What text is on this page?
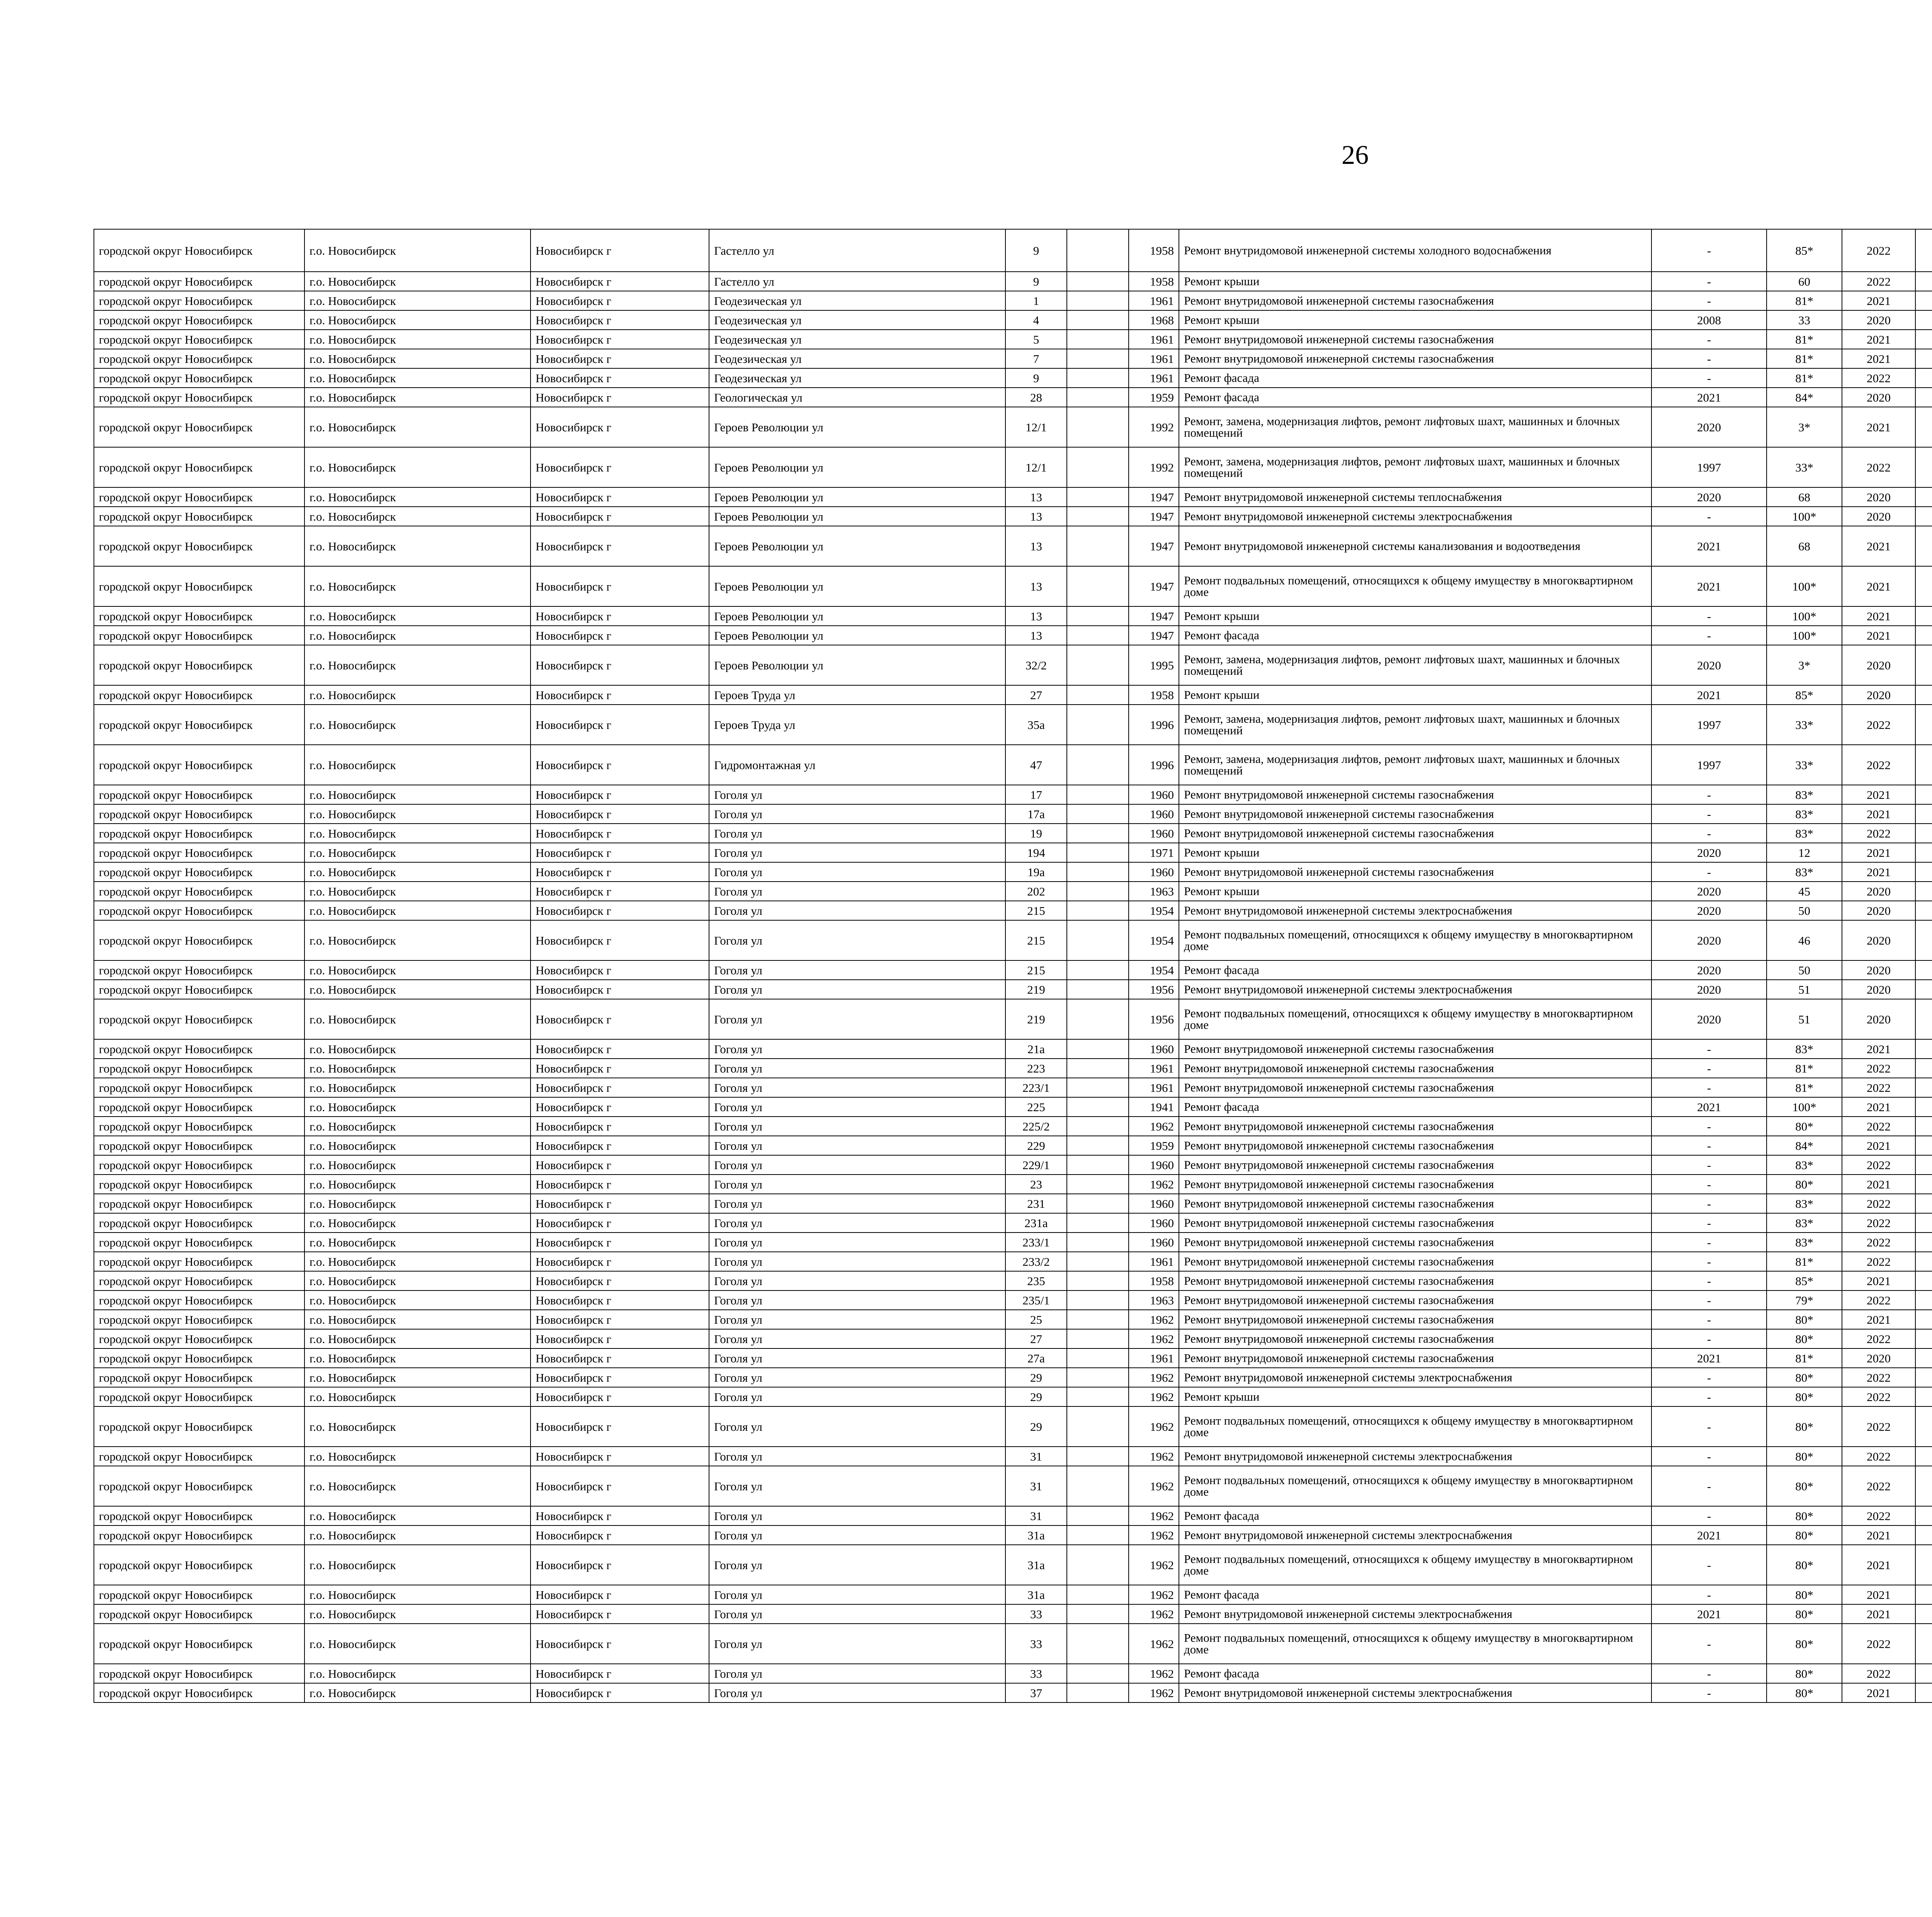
26
городской округ Новосибирск	г.о. Новосибирск	Новосибирск г	Гастелло ул	9		1958	Ремонт внутридомовой инженерной системы холодного водоснабжения	-	85*	2022						
городской округ Новосибирск	г.о. Новосибирск	Новосибирск г	Гастелло ул	9		1958	Ремонт крыши	-	60	2022						
городской округ Новосибирск	г.о. Новосибирск	Новосибирск г	Геодезическая ул	1		1961	Ремонт внутридомовой инженерной системы газоснабжения	-	81*	2021						
городской округ Новосибирск	г.о. Новосибирск	Новосибирск г	Геодезическая ул	4		1968	Ремонт крыши	2008	33	2020						
городской округ Новосибирск	г.о. Новосибирск	Новосибирск г	Геодезическая ул	5		1961	Ремонт внутридомовой инженерной системы газоснабжения	-	81*	2021						
городской округ Новосибирск	г.о. Новосибирск	Новосибирск г	Геодезическая ул	7		1961	Ремонт внутридомовой инженерной системы газоснабжения	-	81*	2021						
городской округ Новосибирск	г.о. Новосибирск	Новосибирск г	Геодезическая ул	9		1961	Ремонт фасада	-	81*	2022						
городской округ Новосибирск	г.о. Новосибирск	Новосибирск г	Геологическая ул	28		1959	Ремонт фасада	2021	84*	2020						
городской округ Новосибирск	г.о. Новосибирск	Новосибирск г	Героев Революции ул	12/1		1992	Ремонт, замена, модернизация лифтов, ремонт лифтовых шахт, машинных и блочных помещений	2020	3*	2021						
городской округ Новосибирск	г.о. Новосибирск	Новосибирск г	Героев Революции ул	12/1		1992	Ремонт, замена, модернизация лифтов, ремонт лифтовых шахт, машинных и блочных помещений	1997	33*	2022						
городской округ Новосибирск	г.о. Новосибирск	Новосибирск г	Героев Революции ул	13		1947	Ремонт внутридомовой инженерной системы теплоснабжения	2020	68	2020						
городской округ Новосибирск	г.о. Новосибирск	Новосибирск г	Героев Революции ул	13		1947	Ремонт внутридомовой инженерной системы электроснабжения	-	100*	2020						
городской округ Новосибирск	г.о. Новосибирск	Новосибирск г	Героев Революции ул	13		1947	Ремонт внутридомовой инженерной системы канализования и водоотведения	2021	68	2021						
городской округ Новосибирск	г.о. Новосибирск	Новосибирск г	Героев Революции ул	13		1947	Ремонт подвальных помещений, относящихся к общему имуществу в многоквартирном доме	2021	100*	2021						
городской округ Новосибирск	г.о. Новосибирск	Новосибирск г	Героев Революции ул	13		1947	Ремонт крыши	-	100*	2021						
городской округ Новосибирск	г.о. Новосибирск	Новосибирск г	Героев Революции ул	13		1947	Ремонт фасада	-	100*	2021						
городской округ Новосибирск	г.о. Новосибирск	Новосибирск г	Героев Революции ул	32/2		1995	Ремонт, замена, модернизация лифтов, ремонт лифтовых шахт, машинных и блочных помещений	2020	3*	2020						
городской округ Новосибирск	г.о. Новосибирск	Новосибирск г	Героев Труда ул	27		1958	Ремонт крыши	2021	85*	2020						
городской округ Новосибирск	г.о. Новосибирск	Новосибирск г	Героев Труда ул	35а		1996	Ремонт, замена, модернизация лифтов, ремонт лифтовых шахт, машинных и блочных помещений	1997	33*	2022						
городской округ Новосибирск	г.о. Новосибирск	Новосибирск г	Гидромонтажная ул	47		1996	Ремонт, замена, модернизация лифтов, ремонт лифтовых шахт, машинных и блочных помещений	1997	33*	2022						
городской округ Новосибирск	г.о. Новосибирск	Новосибирск г	Гоголя ул	17		1960	Ремонт внутридомовой инженерной системы газоснабжения	-	83*	2021						
городской округ Новосибирск	г.о. Новосибирск	Новосибирск г	Гоголя ул	17а		1960	Ремонт внутридомовой инженерной системы газоснабжения	-	83*	2021						
городской округ Новосибирск	г.о. Новосибирск	Новосибирск г	Гоголя ул	19		1960	Ремонт внутридомовой инженерной системы газоснабжения	-	83*	2022						
городской округ Новосибирск	г.о. Новосибирск	Новосибирск г	Гоголя ул	194		1971	Ремонт крыши	2020	12	2021						
городской округ Новосибирск	г.о. Новосибирск	Новосибирск г	Гоголя ул	19а		1960	Ремонт внутридомовой инженерной системы газоснабжения	-	83*	2021						
городской округ Новосибирск	г.о. Новосибирск	Новосибирск г	Гоголя ул	202		1963	Ремонт крыши	2020	45	2020						
городской округ Новосибирск	г.о. Новосибирск	Новосибирск г	Гоголя ул	215		1954	Ремонт внутридомовой инженерной системы электроснабжения	2020	50	2020						
городской округ Новосибирск	г.о. Новосибирск	Новосибирск г	Гоголя ул	215		1954	Ремонт подвальных помещений, относящихся к общему имуществу в многоквартирном доме	2020	46	2020						
городской округ Новосибирск	г.о. Новосибирск	Новосибирск г	Гоголя ул	215		1954	Ремонт фасада	2020	50	2020						
городской округ Новосибирск	г.о. Новосибирск	Новосибирск г	Гоголя ул	219		1956	Ремонт внутридомовой инженерной системы электроснабжения	2020	51	2020						
городской округ Новосибирск	г.о. Новосибирск	Новосибирск г	Гоголя ул	219		1956	Ремонт подвальных помещений, относящихся к общему имуществу в многоквартирном доме	2020	51	2020						
городской округ Новосибирск	г.о. Новосибирск	Новосибирск г	Гоголя ул	21а		1960	Ремонт внутридомовой инженерной системы газоснабжения	-	83*	2021						
городской округ Новосибирск	г.о. Новосибирск	Новосибирск г	Гоголя ул	223		1961	Ремонт внутридомовой инженерной системы газоснабжения	-	81*	2022						
городской округ Новосибирск	г.о. Новосибирск	Новосибирск г	Гоголя ул	223/1		1961	Ремонт внутридомовой инженерной системы газоснабжения	-	81*	2022						
городской округ Новосибирск	г.о. Новосибирск	Новосибирск г	Гоголя ул	225		1941	Ремонт фасада	2021	100*	2021						
городской округ Новосибирск	г.о. Новосибирск	Новосибирск г	Гоголя ул	225/2		1962	Ремонт внутридомовой инженерной системы газоснабжения	-	80*	2022						
городской округ Новосибирск	г.о. Новосибирск	Новосибирск г	Гоголя ул	229		1959	Ремонт внутридомовой инженерной системы газоснабжения	-	84*	2021						
городской округ Новосибирск	г.о. Новосибирск	Новосибирск г	Гоголя ул	229/1		1960	Ремонт внутридомовой инженерной системы газоснабжения	-	83*	2022						
городской округ Новосибирск	г.о. Новосибирск	Новосибирск г	Гоголя ул	23		1962	Ремонт внутридомовой инженерной системы газоснабжения	-	80*	2021						
городской округ Новосибирск	г.о. Новосибирск	Новосибирск г	Гоголя ул	231		1960	Ремонт внутридомовой инженерной системы газоснабжения	-	83*	2022						
городской округ Новосибирск	г.о. Новосибирск	Новосибирск г	Гоголя ул	231а		1960	Ремонт внутридомовой инженерной системы газоснабжения	-	83*	2022						
городской округ Новосибирск	г.о. Новосибирск	Новосибирск г	Гоголя ул	233/1		1960	Ремонт внутридомовой инженерной системы газоснабжения	-	83*	2022						
городской округ Новосибирск	г.о. Новосибирск	Новосибирск г	Гоголя ул	233/2		1961	Ремонт внутридомовой инженерной системы газоснабжения	-	81*	2022						
городской округ Новосибирск	г.о. Новосибирск	Новосибирск г	Гоголя ул	235		1958	Ремонт внутридомовой инженерной системы газоснабжения	-	85*	2021						
городской округ Новосибирск	г.о. Новосибирск	Новосибирск г	Гоголя ул	235/1		1963	Ремонт внутридомовой инженерной системы газоснабжения	-	79*	2022						
городской округ Новосибирск	г.о. Новосибирск	Новосибирск г	Гоголя ул	25		1962	Ремонт внутридомовой инженерной системы газоснабжения	-	80*	2021						
городской округ Новосибирск	г.о. Новосибирск	Новосибирск г	Гоголя ул	27		1962	Ремонт внутридомовой инженерной системы газоснабжения	-	80*	2022						
городской округ Новосибирск	г.о. Новосибирск	Новосибирск г	Гоголя ул	27а		1961	Ремонт внутридомовой инженерной системы газоснабжения	2021	81*	2020						
городской округ Новосибирск	г.о. Новосибирск	Новосибирск г	Гоголя ул	29		1962	Ремонт внутридомовой инженерной системы электроснабжения	-	80*	2022						
городской округ Новосибирск	г.о. Новосибирск	Новосибирск г	Гоголя ул	29		1962	Ремонт крыши	-	80*	2022						
городской округ Новосибирск	г.о. Новосибирск	Новосибирск г	Гоголя ул	29		1962	Ремонт подвальных помещений, относящихся к общему имуществу в многоквартирном доме	-	80*	2022						
городской округ Новосибирск	г.о. Новосибирск	Новосибирск г	Гоголя ул	31		1962	Ремонт внутридомовой инженерной системы электроснабжения	-	80*	2022						
городской округ Новосибирск	г.о. Новосибирск	Новосибирск г	Гоголя ул	31		1962	Ремонт подвальных помещений, относящихся к общему имуществу в многоквартирном доме	-	80*	2022						
городской округ Новосибирск	г.о. Новосибирск	Новосибирск г	Гоголя ул	31		1962	Ремонт фасада	-	80*	2022						
городской округ Новосибирск	г.о. Новосибирск	Новосибирск г	Гоголя ул	31а		1962	Ремонт внутридомовой инженерной системы электроснабжения	2021	80*	2021						
городской округ Новосибирск	г.о. Новосибирск	Новосибирск г	Гоголя ул	31а		1962	Ремонт подвальных помещений, относящихся к общему имуществу в многоквартирном доме	-	80*	2021						
городской округ Новосибирск	г.о. Новосибирск	Новосибирск г	Гоголя ул	31а		1962	Ремонт фасада	-	80*	2021						
городской округ Новосибирск	г.о. Новосибирск	Новосибирск г	Гоголя ул	33		1962	Ремонт внутридомовой инженерной системы электроснабжения	2021	80*	2021						
городской округ Новосибирск	г.о. Новосибирск	Новосибирск г	Гоголя ул	33		1962	Ремонт подвальных помещений, относящихся к общему имуществу в многоквартирном доме	-	80*	2022						
городской округ Новосибирск	г.о. Новосибирск	Новосибирск г	Гоголя ул	33		1962	Ремонт фасада	-	80*	2022						
городской округ Новосибирск	г.о. Новосибирск	Новосибирск г	Гоголя ул	37		1962	Ремонт внутридомовой инженерной системы электроснабжения	-	80*	2021						
